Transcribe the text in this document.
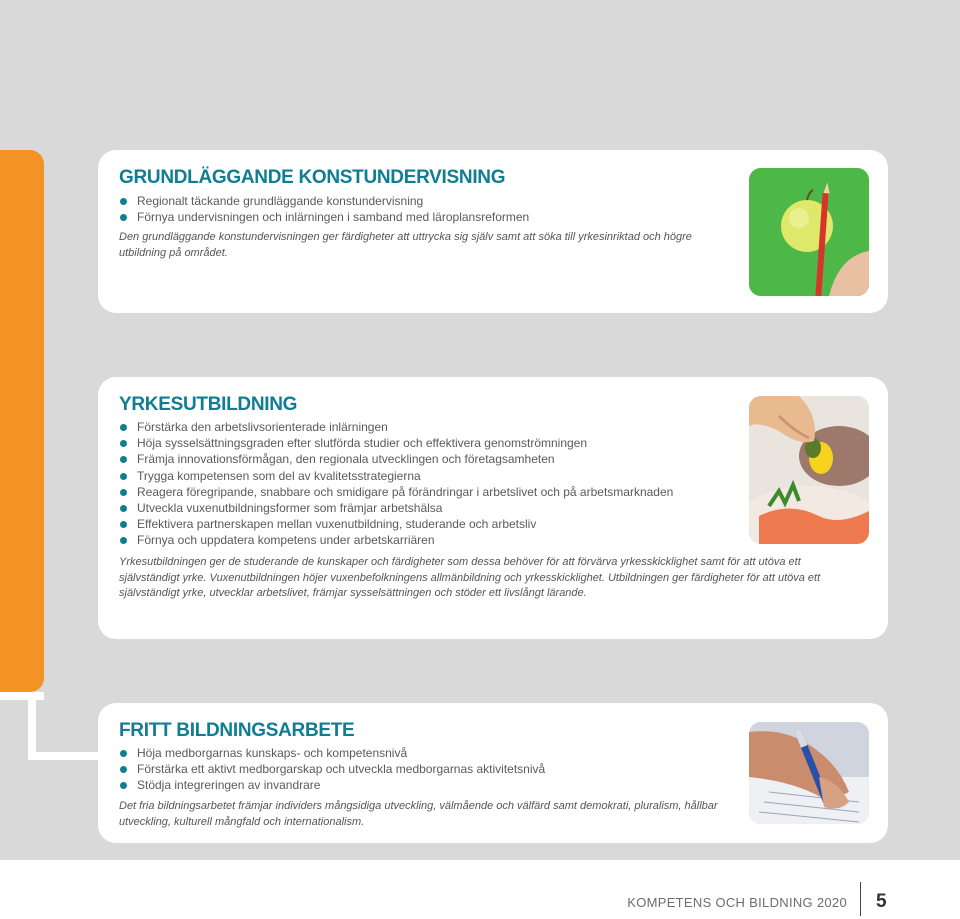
GRUNDLÄGGANDE KONSTUNDERVISNING
Regionalt täckande grundläggande konstundervisning
Förnya undervisningen och inlärningen i samband med läroplansreformen

Den grundläggande konstundervisningen ger färdigheter att uttrycka sig själv samt att söka till yrkesinriktad och högre utbildning på området.

YRKESUTBILDNING
Förstärka den arbetslivsorienterade inlärningen
Höja sysselsättningsgraden efter slutförda studier och effektivera genomströmningen
Främja innovationsförmågan, den regionala utvecklingen och företagsamheten
Trygga kompetensen som del av kvalitetsstrategierna
Reagera föregripande, snabbare och smidigare på förändringar i arbetslivet och på arbetsmarknaden
Utveckla vuxenutbildningsformer som främjar arbetshälsa
Effektivera partnerskapen mellan vuxenutbildning, studerande och arbetsliv
Förnya och uppdatera kompetens under arbetskarriären

Yrkesutbildningen ger de studerande de kunskaper och färdigheter som dessa behöver för att förvärva yrkesskicklighet samt för att utöva ett självständigt yrke. Vuxenutbildningen höjer vuxenbefolkningens allmänbildning och yrkesskicklighet. Utbildningen ger färdigheter för att utöva ett självständigt yrke, utvecklar arbetslivet, främjar sysselsättningen och stöder ett livslångt lärande.

FRITT BILDNINGSARBETE
Höja medborgarnas kunskaps- och kompetensnivå
Förstärka ett aktivt medborgarskap och utveckla medborgarnas aktivitetsnivå
Stödja integreringen av invandrare

Det fria bildningsarbetet främjar individers mångsidiga utveckling, välmående och välfärd samt demokrati, pluralism, hållbar utveckling, kulturell mångfald och internationalism.

KOMPETENS OCH BILDNING 2020 5
